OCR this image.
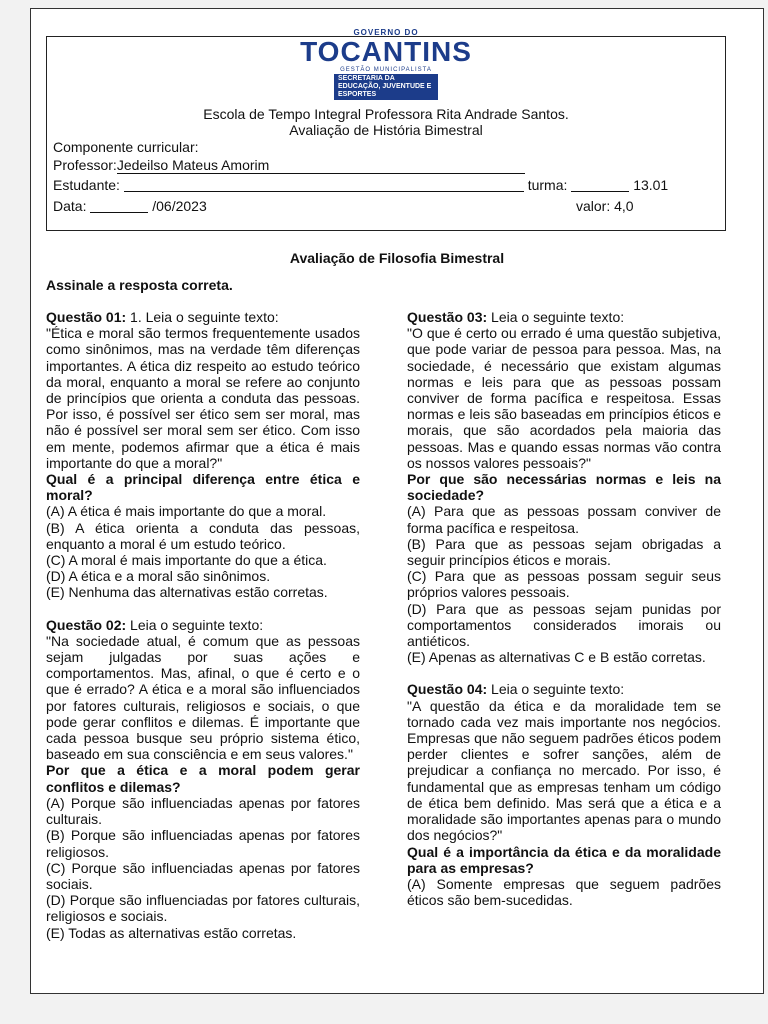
GOVERNO DO
TOCANTINS
GESTÃO MUNICIPALISTA
SECRETARIA DA EDUCAÇÃO, JUVENTUDE E ESPORTES
Escola de Tempo Integral Professora Rita Andrade Santos.
Avaliação de História Bimestral
Componente curricular:
Professor:Jedeilso Mateus Amorim
Estudante:	turma:	13.01
Data:	/06/2023	valor: 4,0
Avaliação de Filosofia Bimestral
Assinale a resposta correta.

Questão 01: 1. Leia o seguinte texto:

"Ética e moral são termos frequentemente usados como sinônimos, mas na verdade têm diferenças importantes. A ética diz respeito ao estudo teórico da moral, enquanto a moral se refere ao conjunto de princípios que orienta a conduta das pessoas. Por isso, é possível ser ético sem ser moral, mas não é possível ser moral sem ser ético. Com isso em mente, podemos afirmar que a ética é mais importante do que a moral?"

Qual é a principal diferença entre ética e moral?

(A) A ética é mais importante do que a moral.

(B) A ética orienta a conduta das pessoas, enquanto a moral é um estudo teórico.

(C) A moral é mais importante do que a ética.

(D) A ética e a moral são sinônimos.

(E) Nenhuma das alternativas estão corretas.

Questão 02: Leia o seguinte texto:

"Na sociedade atual, é comum que as pessoas sejam julgadas por suas ações e comportamentos. Mas, afinal, o que é certo e o que é errado? A ética e a moral são influenciados por fatores culturais, religiosos e sociais, o que pode gerar conflitos e dilemas. É importante que cada pessoa busque seu próprio sistema ético, baseado em sua consciência e em seus valores."

Por que a ética e a moral podem gerar conflitos e dilemas?

(A) Porque são influenciadas apenas por fatores culturais.

(B) Porque são influenciadas apenas por fatores religiosos.

(C) Porque são influenciadas apenas por fatores sociais.

(D) Porque são influenciadas por fatores culturais, religiosos e sociais.

(E) Todas as alternativas estão corretas.

Questão 03: Leia o seguinte texto:

"O que é certo ou errado é uma questão subjetiva, que pode variar de pessoa para pessoa. Mas, na sociedade, é necessário que existam algumas normas e leis para que as pessoas possam conviver de forma pacífica e respeitosa. Essas normas e leis são baseadas em princípios éticos e morais, que são acordados pela maioria das pessoas. Mas e quando essas normas vão contra os nossos valores pessoais?"

Por que são necessárias normas e leis na sociedade?

(A) Para que as pessoas possam conviver de forma pacífica e respeitosa.

(B) Para que as pessoas sejam obrigadas a seguir princípios éticos e morais.

(C) Para que as pessoas possam seguir seus próprios valores pessoais.

(D) Para que as pessoas sejam punidas por comportamentos considerados imorais ou antiéticos.

(E) Apenas as alternativas C e B estão corretas.

Questão 04: Leia o seguinte texto:

"A questão da ética e da moralidade tem se tornado cada vez mais importante nos negócios. Empresas que não seguem padrões éticos podem perder clientes e sofrer sanções, além de prejudicar a confiança no mercado. Por isso, é fundamental que as empresas tenham um código de ética bem definido. Mas será que a ética e a moralidade são importantes apenas para o mundo dos negócios?"

Qual é a importância da ética e da moralidade para as empresas?

(A) Somente empresas que seguem padrões éticos são bem-sucedidas.
